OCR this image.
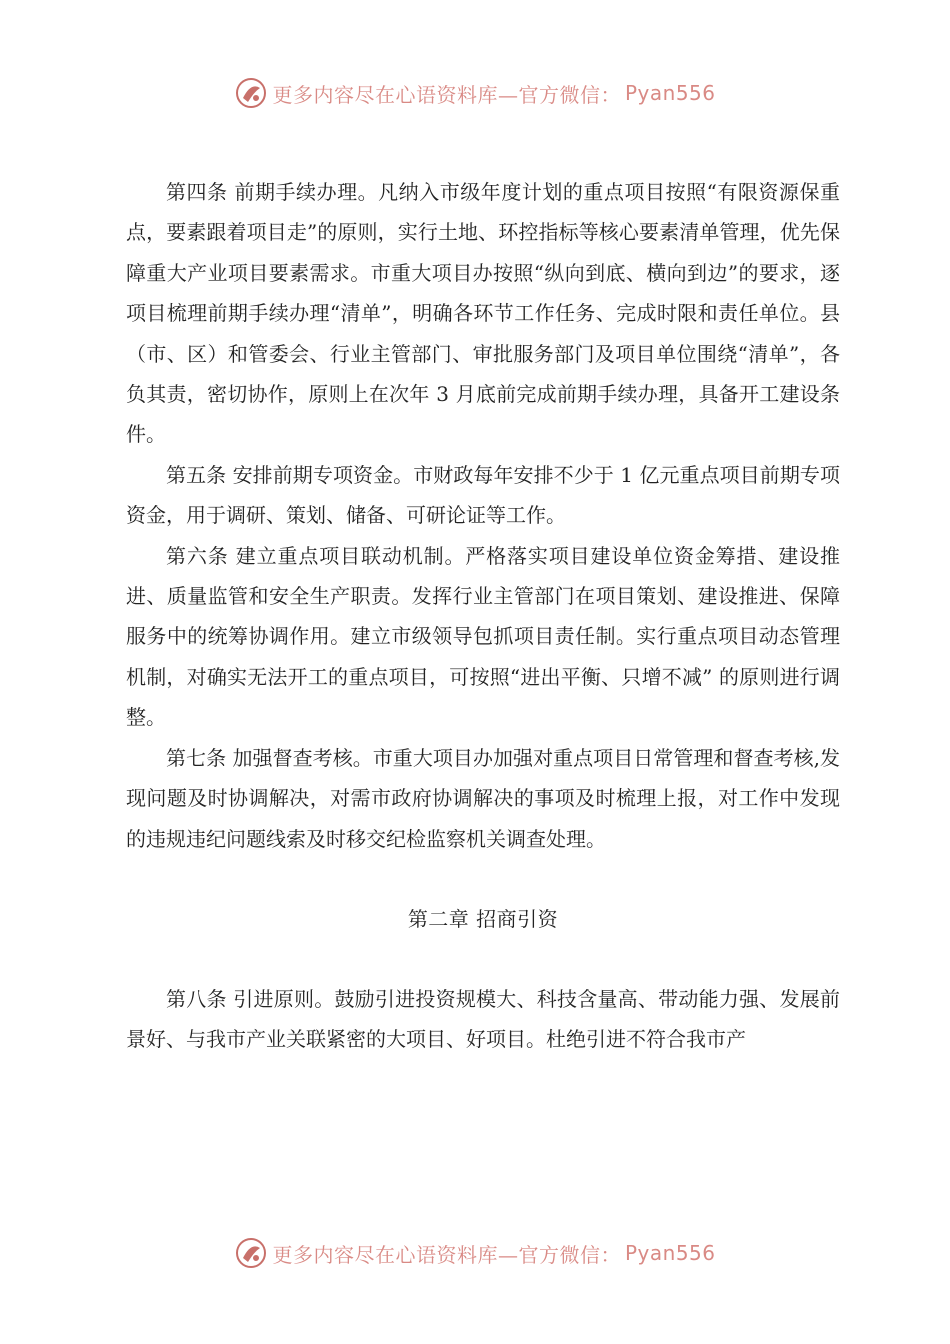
更多内容尽在心语资料库—官方微信： Pyan556

第四条 前期手续办理。凡纳入市级年度计划的重点项目按照“有限资源保重点，要素跟着项目走”的原则，实行土地、环控指标等核心要素清单管理，优先保障重大产业项目要素需求。市重大项目办按照“纵向到底、横向到边”的要求，逐项目梳理前期手续办理“清单”，明确各环节工作任务、完成时限和责任单位。县（市、区）和管委会、行业主管部门、审批服务部门及项目单位围绕“清单”，各负其责，密切协作，原则上在次年 3 月底前完成前期手续办理，具备开工建设条件。

第五条 安排前期专项资金。市财政每年安排不少于 1 亿元重点项目前期专项资金，用于调研、策划、储备、可研论证等工作。

第六条 建立重点项目联动机制。严格落实项目建设单位资金筹措、建设推进、质量监管和安全生产职责。发挥行业主管部门在项目策划、建设推进、保障服务中的统筹协调作用。建立市级领导包抓项目责任制。实行重点项目动态管理机制，对确实无法开工的重点项目，可按照“进出平衡、只增不减” 的原则进行调整。

第七条 加强督查考核。市重大项目办加强对重点项目日常管理和督查考核,发现问题及时协调解决，对需市政府协调解决的事项及时梳理上报，对工作中发现的违规违纪问题线索及时移交纪检监察机关调查处理。

第二章 招商引资

第八条 引进原则。鼓励引进投资规模大、科技含量高、带动能力强、发展前景好、与我市产业关联紧密的大项目、好项目。杜绝引进不符合我市产

更多内容尽在心语资料库—官方微信： Pyan556
